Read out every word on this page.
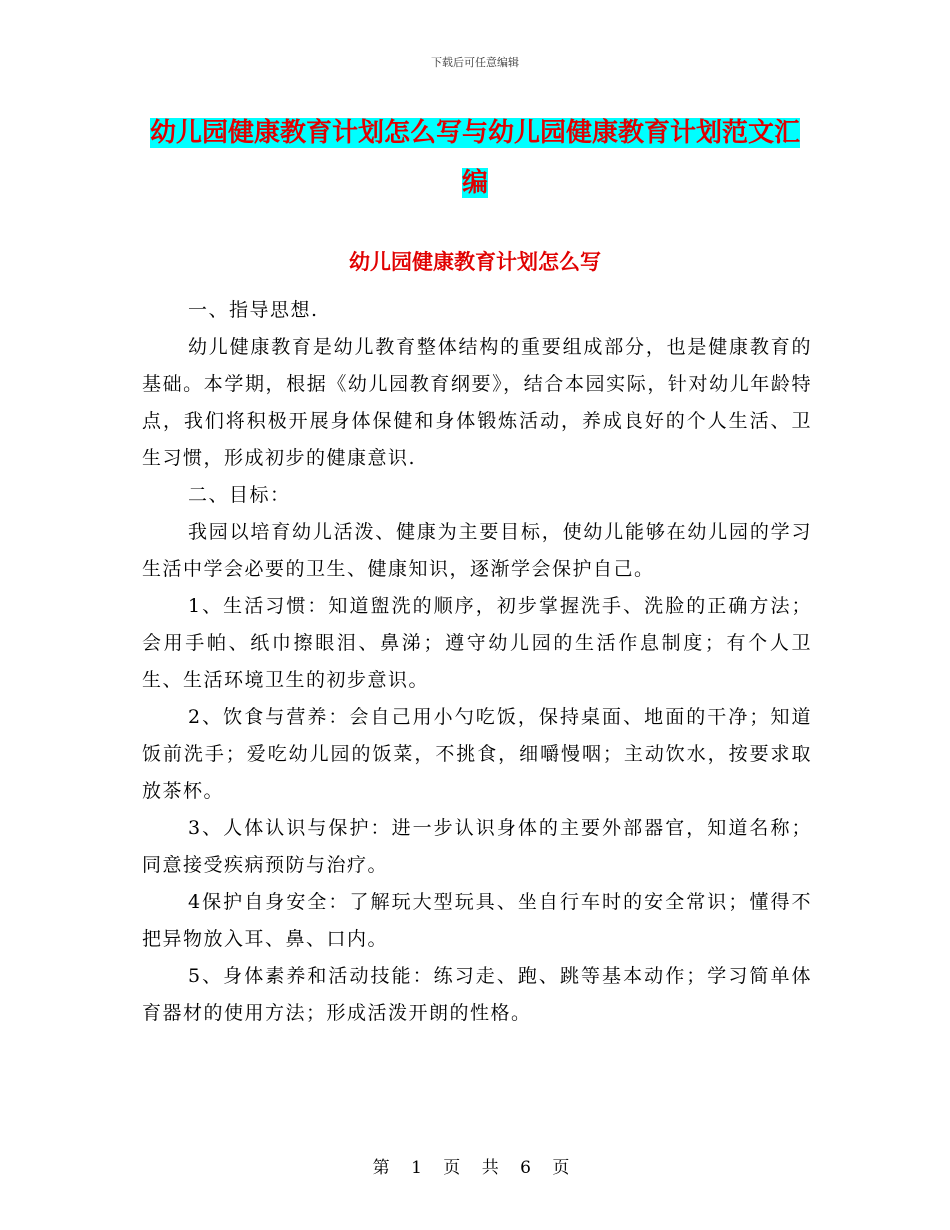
下载后可任意编辑
幼儿园健康教育计划怎么写与幼儿园健康教育计划范文汇编
幼儿园健康教育计划怎么写

一、指导思想.

幼儿健康教育是幼儿教育整体结构的重要组成部分，也是健康教育的基础。本学期，根据《幼儿园教育纲要》，结合本园实际，针对幼儿年龄特点，我们将积极开展身体保健和身体锻炼活动，养成良好的个人生活、卫生习惯，形成初步的健康意识.

二、目标：

我园以培育幼儿活泼、健康为主要目标，使幼儿能够在幼儿园的学习生活中学会必要的卫生、健康知识，逐渐学会保护自己。

1、生活习惯：知道盥洗的顺序，初步掌握洗手、洗脸的正确方法；会用手帕、纸巾擦眼泪、鼻涕；遵守幼儿园的生活作息制度；有个人卫生、生活环境卫生的初步意识。

2、饮食与营养：会自己用小勺吃饭，保持桌面、地面的干净；知道饭前洗手；爱吃幼儿园的饭菜，不挑食，细嚼慢咽；主动饮水，按要求取放茶杯。

3、人体认识与保护：进一步认识身体的主要外部器官，知道名称；同意接受疾病预防与治疗。

4保护自身安全：了解玩大型玩具、坐自行车时的安全常识；懂得不把异物放入耳、鼻、口内。

5、身体素养和活动技能：练习走、跑、跳等基本动作；学习简单体育器材的使用方法；形成活泼开朗的性格。

第 1 页 共 6 页
